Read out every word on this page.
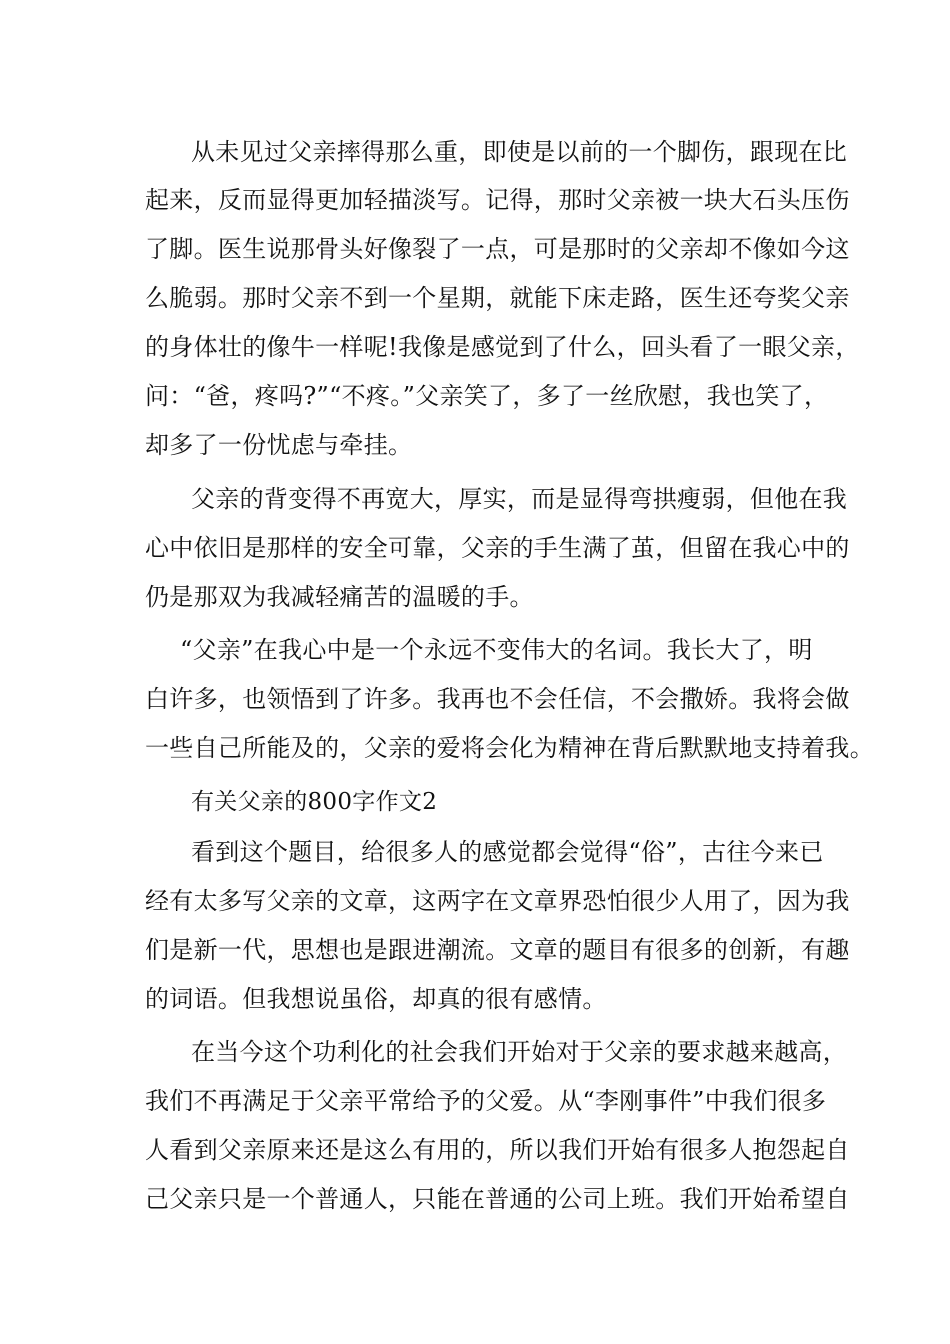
从未见过父亲摔得那么重，即使是以前的一个脚伤，跟现在比

起来，反而显得更加轻描淡写。记得，那时父亲被一块大石头压伤

了脚。医生说那骨头好像裂了一点，可是那时的父亲却不像如今这

么脆弱。那时父亲不到一个星期，就能下床走路，医生还夸奖父亲

的身体壮的像牛一样呢!我像是感觉到了什么，回头看了一眼父亲，

问：“爸，疼吗?”“不疼。”父亲笑了，多了一丝欣慰，我也笑了，

却多了一份忧虑与牵挂。

父亲的背变得不再宽大，厚实，而是显得弯拱瘦弱，但他在我

心中依旧是那样的安全可靠，父亲的手生满了茧，但留在我心中的

仍是那双为我减轻痛苦的温暖的手。

“父亲”在我心中是一个永远不变伟大的名词。我长大了，明

白许多，也领悟到了许多。我再也不会任信，不会撒娇。我将会做

一些自己所能及的，父亲的爱将会化为精神在背后默默地支持着我。

有关父亲的800字作文2

看到这个题目，给很多人的感觉都会觉得“俗”，古往今来已

经有太多写父亲的文章，这两字在文章界恐怕很少人用了，因为我

们是新一代，思想也是跟进潮流。文章的题目有很多的创新，有趣

的词语。但我想说虽俗，却真的很有感情。

在当今这个功利化的社会我们开始对于父亲的要求越来越高，

我们不再满足于父亲平常给予的父爱。从“李刚事件”中我们很多

人看到父亲原来还是这么有用的，所以我们开始有很多人抱怨起自

己父亲只是一个普通人，只能在普通的公司上班。我们开始希望自
